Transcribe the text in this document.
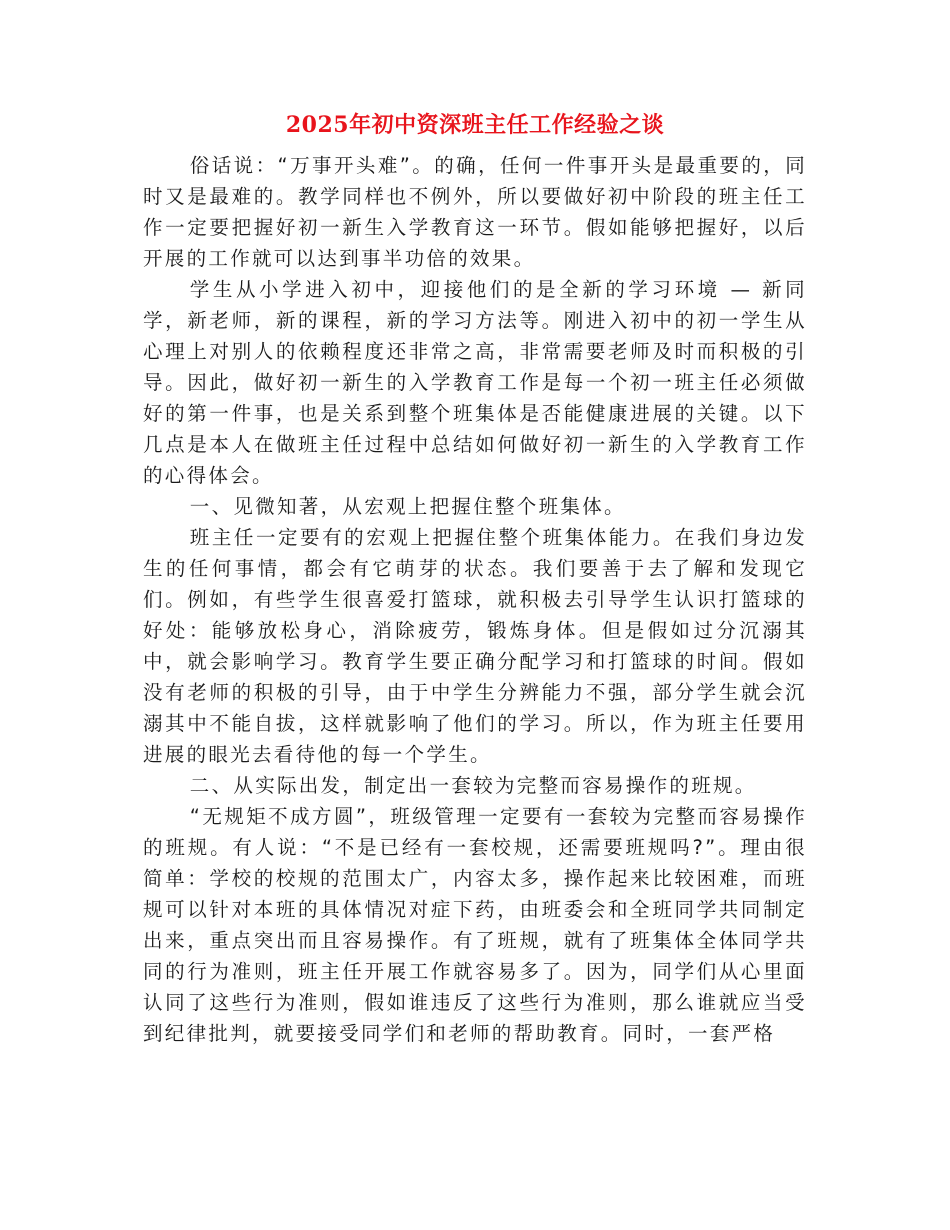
2025年初中资深班主任工作经验之谈

俗话说：“万事开头难”。的确，任何一件事开头是最重要的，同时又是最难的。教学同样也不例外，所以要做好初中阶段的班主任工作一定要把握好初一新生入学教育这一环节。假如能够把握好，以后开展的工作就可以达到事半功倍的效果。

学生从小学进入初中，迎接他们的是全新的学习环境 — 新同学，新老师，新的课程，新的学习方法等。刚进入初中的初一学生从心理上对别人的依赖程度还非常之高，非常需要老师及时而积极的引导。因此，做好初一新生的入学教育工作是每一个初一班主任必须做好的第一件事，也是关系到整个班集体是否能健康进展的关键。以下几点是本人在做班主任过程中总结如何做好初一新生的入学教育工作的心得体会。

一、见微知著，从宏观上把握住整个班集体。

班主任一定要有的宏观上把握住整个班集体能力。在我们身边发生的任何事情，都会有它萌芽的状态。我们要善于去了解和发现它们。例如，有些学生很喜爱打篮球，就积极去引导学生认识打篮球的好处：能够放松身心，消除疲劳，锻炼身体。但是假如过分沉溺其中，就会影响学习。教育学生要正确分配学习和打篮球的时间。假如没有老师的积极的引导，由于中学生分辨能力不强，部分学生就会沉溺其中不能自拔，这样就影响了他们的学习。所以，作为班主任要用进展的眼光去看待他的每一个学生。

二、从实际出发，制定出一套较为完整而容易操作的班规。

“无规矩不成方圆”，班级管理一定要有一套较为完整而容易操作的班规。有人说：“不是已经有一套校规，还需要班规吗?”。理由很简单：学校的校规的范围太广，内容太多，操作起来比较困难，而班规可以针对本班的具体情况对症下药，由班委会和全班同学共同制定出来，重点突出而且容易操作。有了班规，就有了班集体全体同学共同的行为准则，班主任开展工作就容易多了。因为，同学们从心里面认同了这些行为准则，假如谁违反了这些行为准则，那么谁就应当受到纪律批判，就要接受同学们和老师的帮助教育。同时，一套严格
